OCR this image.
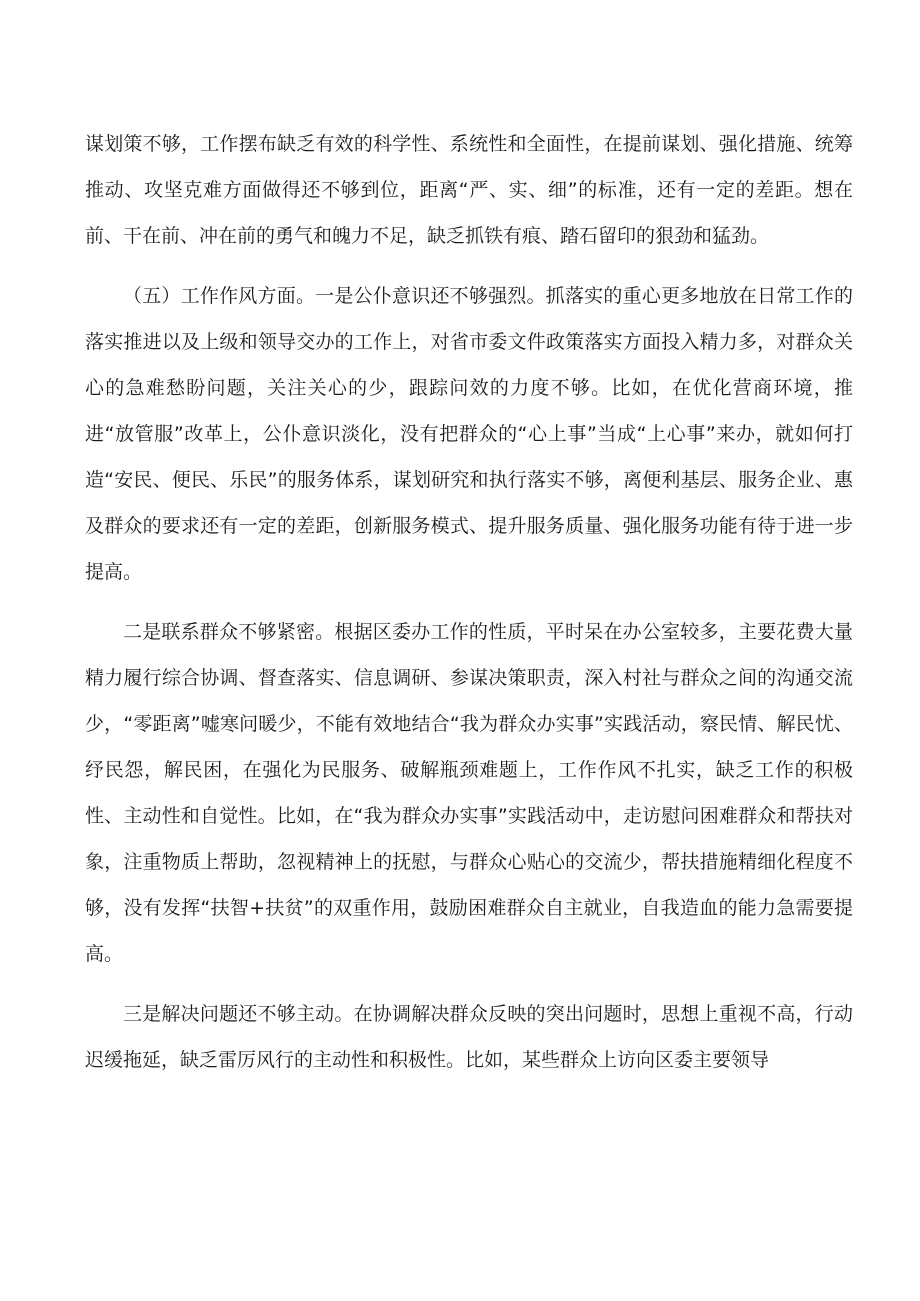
谋划策不够，工作摆布缺乏有效的科学性、系统性和全面性，在提前谋划、强化措施、统筹推动、攻坚克难方面做得还不够到位，距离“严、实、细”的标准，还有一定的差距。想在前、干在前、冲在前的勇气和魄力不足，缺乏抓铁有痕、踏石留印的狠劲和猛劲。

（五）工作作风方面。一是公仆意识还不够强烈。抓落实的重心更多地放在日常工作的落实推进以及上级和领导交办的工作上，对省市委文件政策落实方面投入精力多，对群众关心的急难愁盼问题，关注关心的少，跟踪问效的力度不够。比如，在优化营商环境，推进“放管服”改革上，公仆意识淡化，没有把群众的“心上事”当成“上心事”来办，就如何打造“安民、便民、乐民”的服务体系，谋划研究和执行落实不够，离便利基层、服务企业、惠及群众的要求还有一定的差距，创新服务模式、提升服务质量、强化服务功能有待于进一步提高。

二是联系群众不够紧密。根据区委办工作的性质，平时呆在办公室较多，主要花费大量精力履行综合协调、督查落实、信息调研、参谋决策职责，深入村社与群众之间的沟通交流少，“零距离”嘘寒问暖少，不能有效地结合“我为群众办实事”实践活动，察民情、解民忧、纾民怨，解民困，在强化为民服务、破解瓶颈难题上，工作作风不扎实，缺乏工作的积极性、主动性和自觉性。比如，在“我为群众办实事”实践活动中，走访慰问困难群众和帮扶对象，注重物质上帮助，忽视精神上的抚慰，与群众心贴心的交流少，帮扶措施精细化程度不够，没有发挥“扶智+扶贫”的双重作用，鼓励困难群众自主就业，自我造血的能力急需要提高。

三是解决问题还不够主动。在协调解决群众反映的突出问题时，思想上重视不高，行动迟缓拖延，缺乏雷厉风行的主动性和积极性。比如，某些群众上访向区委主要领导
